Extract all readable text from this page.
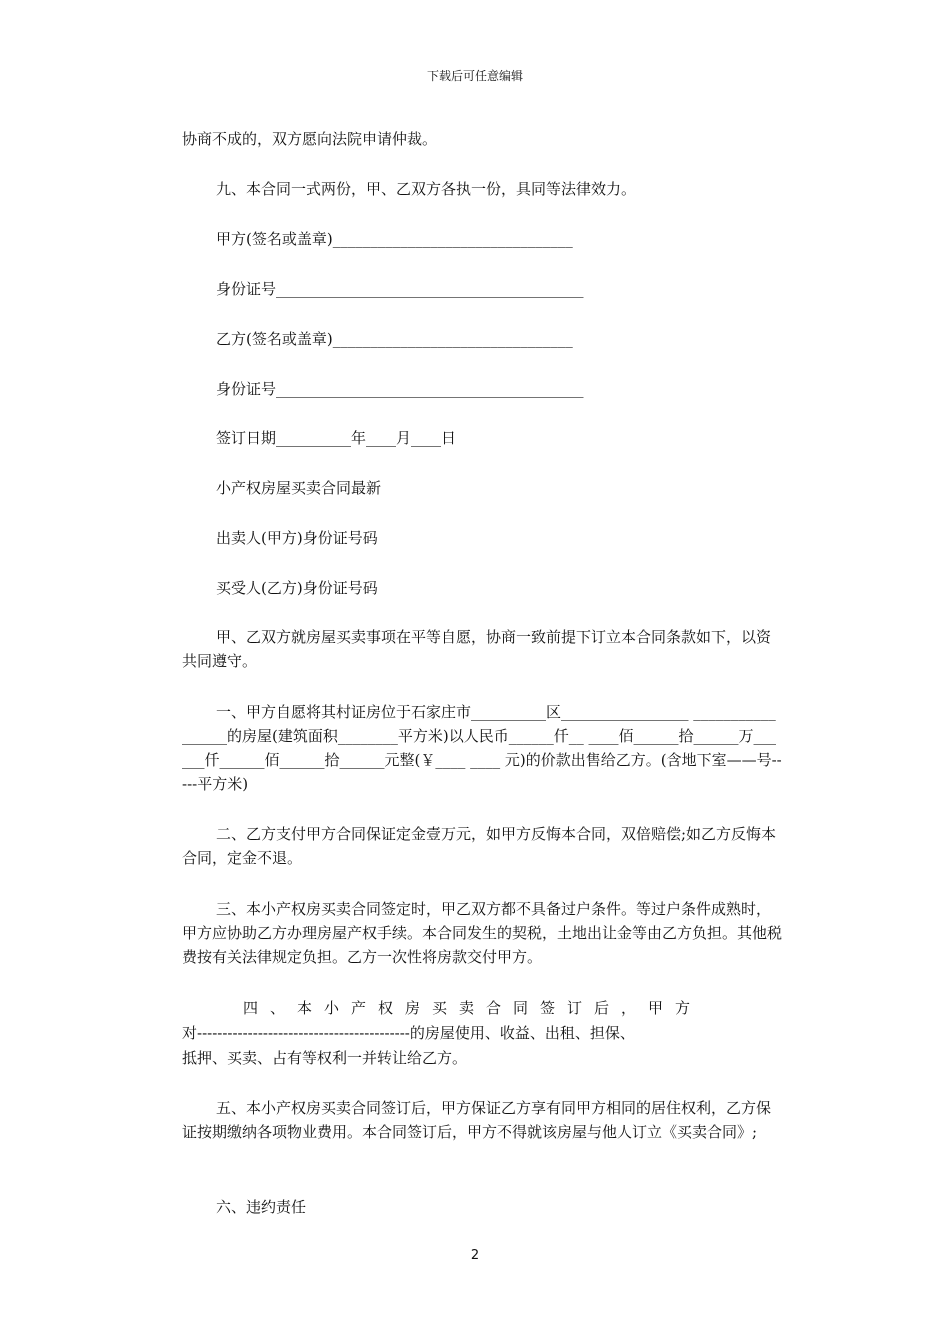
下载后可任意编辑
协商不成的，双方愿向法院申请仲裁。
九、本合同一式两份，甲、乙双方各执一份，具同等法律效力。
甲方(签名或盖章)________________________________
身份证号_________________________________________
乙方(签名或盖章)________________________________
身份证号_________________________________________
签订日期__________年____月____日
小产权房屋买卖合同最新
出卖人(甲方)身份证号码
买受人(乙方)身份证号码
甲、乙双方就房屋买卖事项在平等自愿，协商一致前提下订立本合同条款如下，以资共同遵守。
一、甲方自愿将其村证房位于石家庄市__________区_________________ _________________的房屋(建筑面积________平方米)以人民币______仟__ ____佰______拾______万______仟______佰______拾______元整(￥____ ____ 元)的价款出售给乙方。(含地下室——号-----平方米)
二、乙方支付甲方合同保证定金壹万元，如甲方反悔本合同，双倍赔偿;如乙方反悔本合同，定金不退。
三、本小产权房买卖合同签定时，甲乙双方都不具备过户条件。等过户条件成熟时，甲方应协助乙方办理房屋产权手续。本合同发生的契税，土地出让金等由乙方负担。其他税费按有关法律规定负担。乙方一次性将房款交付甲方。
四、本小产权房买卖合同签订后，甲方
对------------------------------------------的房屋使用、收益、出租、担保、
抵押、买卖、占有等权利一并转让给乙方。
五、本小产权房买卖合同签订后，甲方保证乙方享有同甲方相同的居住权利，乙方保证按期缴纳各项物业费用。本合同签订后，甲方不得就该房屋与他人订立《买卖合同》;
六、违约责任
2
